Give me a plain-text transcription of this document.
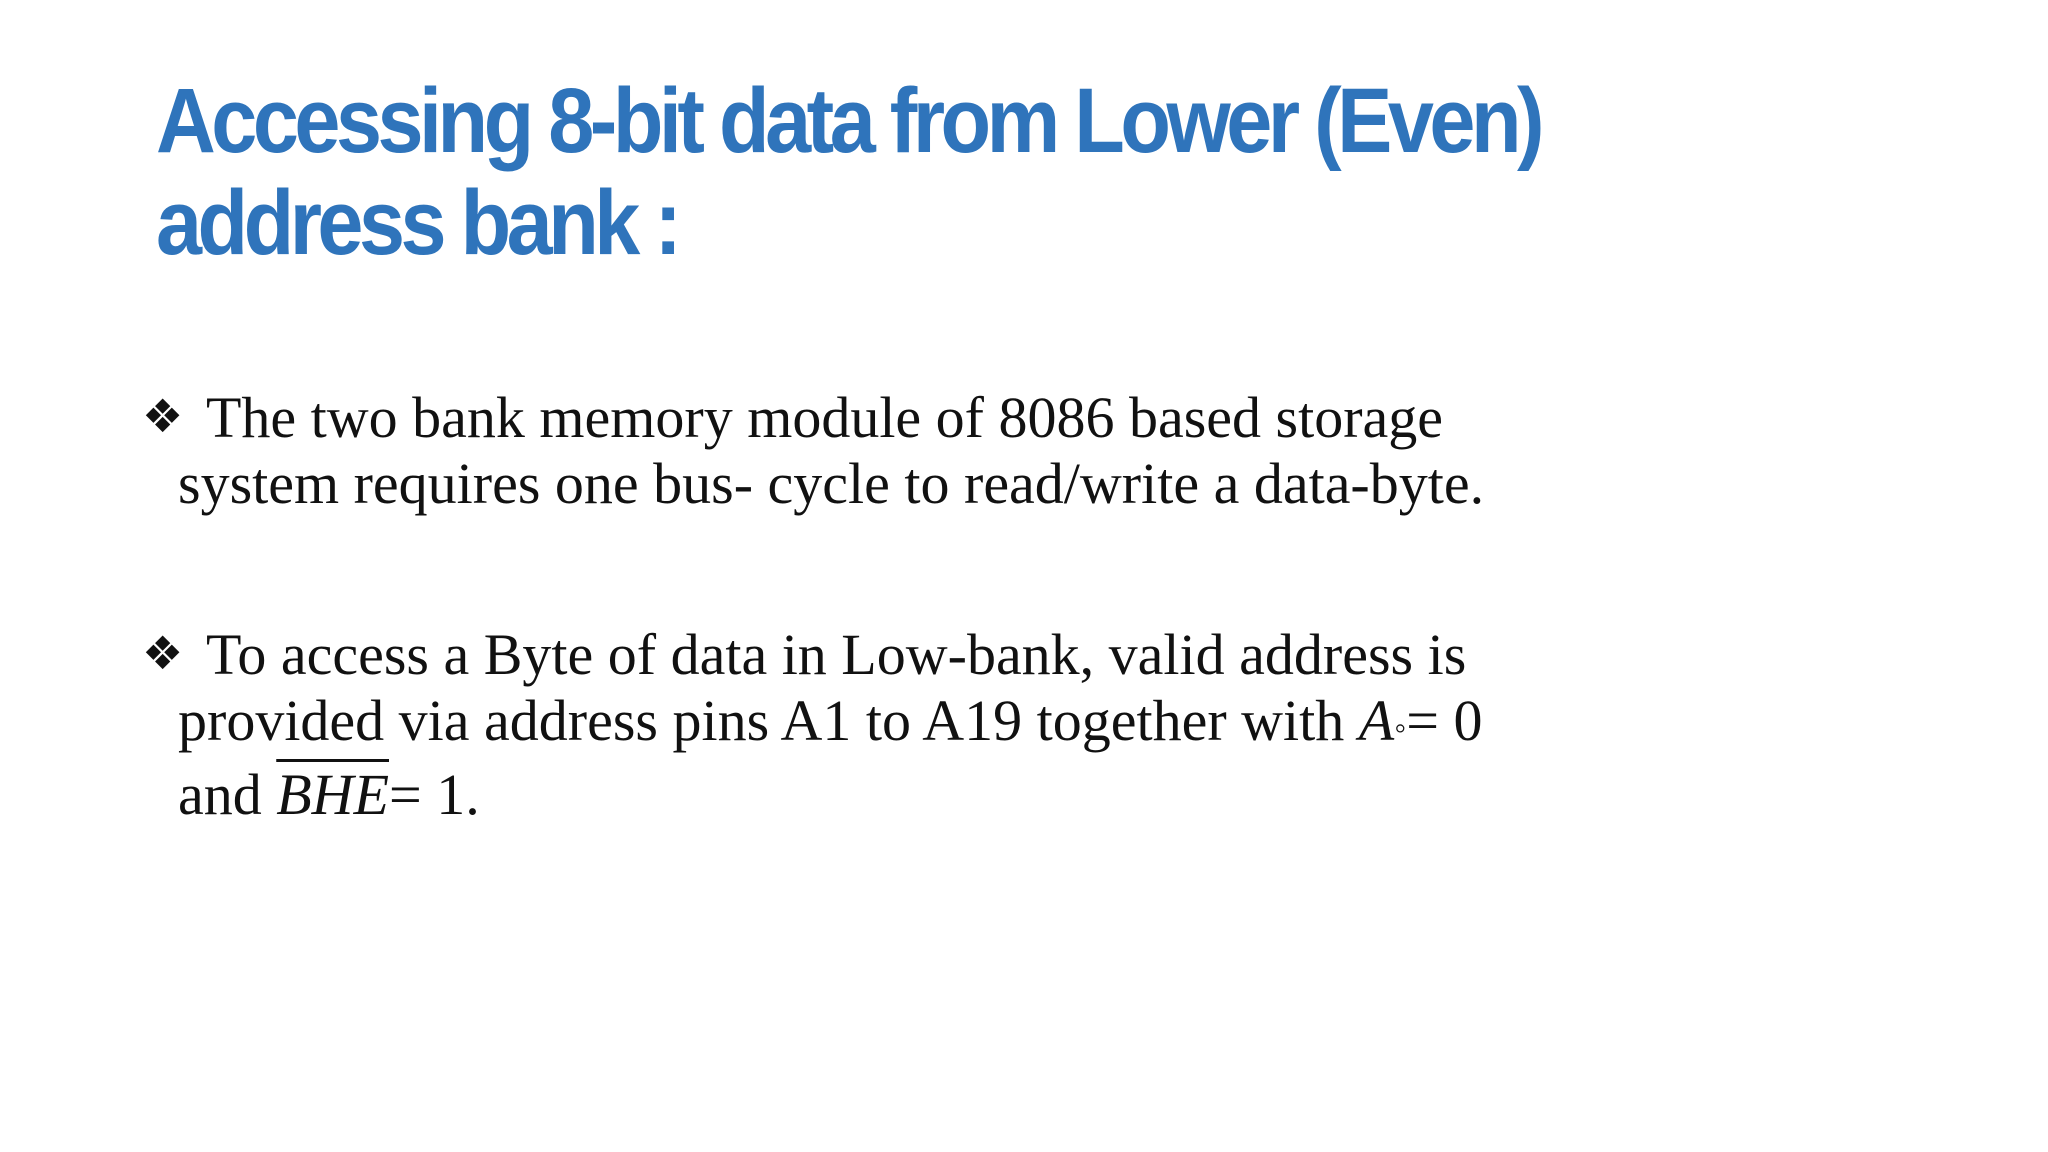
Accessing 8-bit data from Lower (Even)
address bank :
❖ The two bank memory module of 8086 based storage
system requires one bus- cycle to read/write a data-byte.
❖ To access a Byte of data in Low-bank, valid address is
provided via address pins A1 to A19 together with A◦= 0
and $\overline{BHE}= 1$.
